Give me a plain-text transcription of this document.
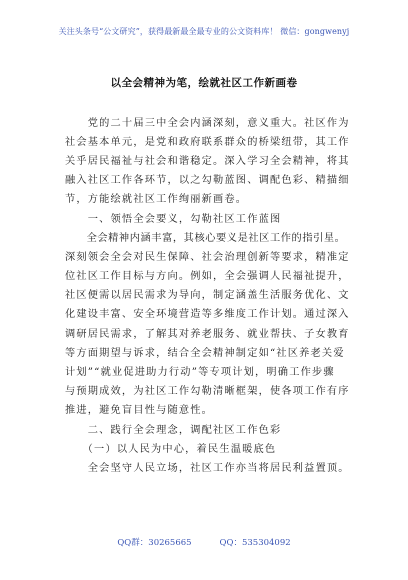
关注头条号“公文研究”，获得最新最全最专业的公文资料库！ 微信：gongwenyj
以全会精神为笔，绘就社区工作新画卷
　　党的二十届三中全会内涵深刻，意义重大。社区作为
社会基本单元，是党和政府联系群众的桥梁纽带，其工作
关乎居民福祉与社会和谐稳定。深入学习全会精神，将其
融入社区工作各环节，以之勾勒蓝图、调配色彩、精描细
节，方能绘就社区工作绚丽新画卷。
　　一、领悟全会要义，勾勒社区工作蓝图
　　全会精神内涵丰富，其核心要义是社区工作的指引星。
深刻领会全会对民生保障、社会治理创新等要求，精准定
位社区工作目标与方向。例如，全会强调人民福祉提升，
社区便需以居民需求为导向，制定涵盖生活服务优化、文
化建设丰富、安全环境营造等多维度工作计划。通过深入
调研居民需求，了解其对养老服务、就业帮扶、子女教育
等方面期望与诉求，结合全会精神制定如“社区养老关爱
计划”“就业促进助力行动”等专项计划，明确工作步骤
与预期成效，为社区工作勾勒清晰框架，使各项工作有序
推进，避免盲目性与随意性。
　　二、践行全会理念，调配社区工作色彩
　　（一）以人民为中心，着民生温暖底色
　　全会坚守人民立场，社区工作亦当将居民利益置顶。
QQ群：30265665	QQ：535304092
